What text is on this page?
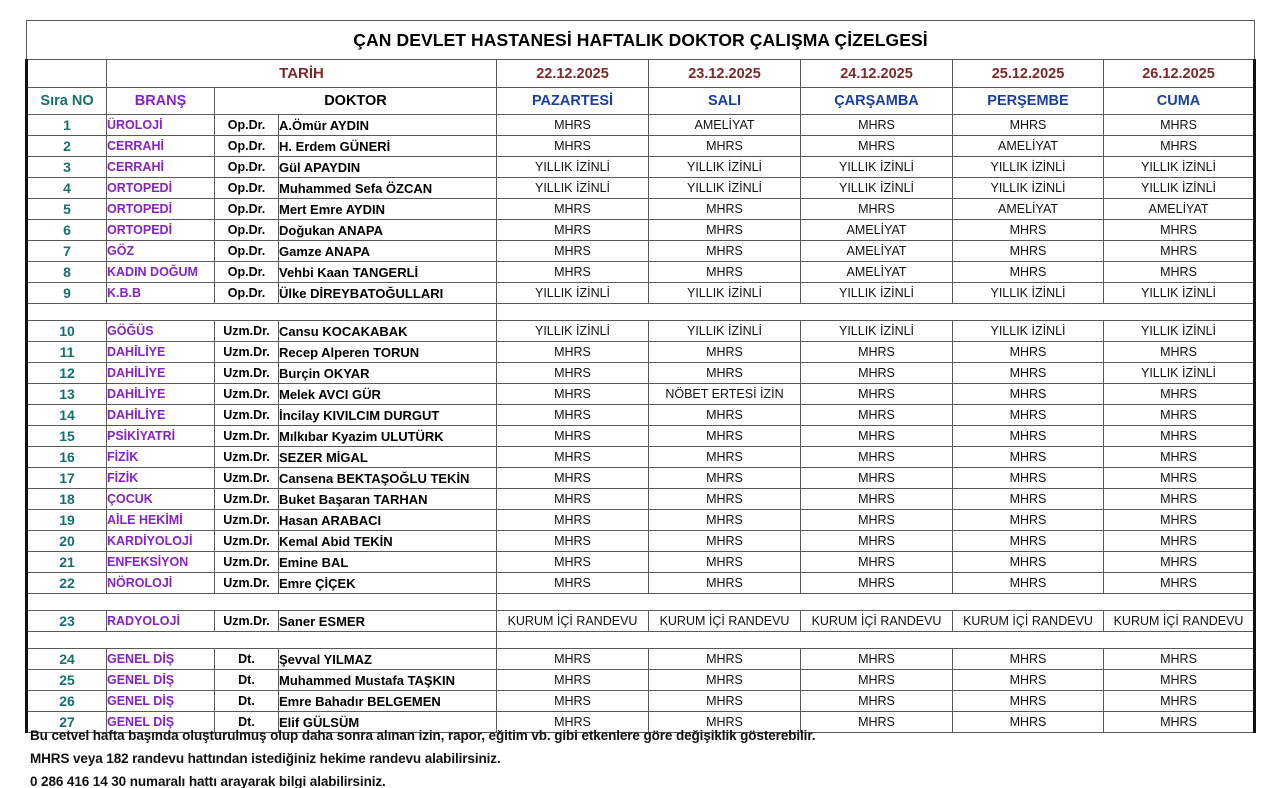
ÇAN DEVLET HASTANESİ HAFTALIK DOKTOR ÇALIŞMA ÇİZELGESİ								
	TARİH			22.12.2025	23.12.2025	24.12.2025	25.12.2025	26.12.2025
Sıra NO	BRANŞ	DOKTOR		PAZARTESİ	SALI	ÇARŞAMBA	PERŞEMBE	CUMA
1	ÜROLOJİ	Op.Dr.	A.Ömür AYDIN	MHRS	AMELİYAT	MHRS	MHRS	MHRS
2	CERRAHİ	Op.Dr.	H. Erdem GÜNERİ	MHRS	MHRS	MHRS	AMELİYAT	MHRS
3	CERRAHİ	Op.Dr.	Gül APAYDIN	YILLIK İZİNLİ	YILLIK İZİNLİ	YILLIK İZİNLİ	YILLIK İZİNLİ	YILLIK İZİNLİ
4	ORTOPEDİ	Op.Dr.	Muhammed Sefa ÖZCAN	YILLIK İZİNLİ	YILLIK İZİNLİ	YILLIK İZİNLİ	YILLIK İZİNLİ	YILLIK İZİNLİ
5	ORTOPEDİ	Op.Dr.	Mert Emre AYDIN	MHRS	MHRS	MHRS	AMELİYAT	AMELİYAT
6	ORTOPEDİ	Op.Dr.	Doğukan ANAPA	MHRS	MHRS	AMELİYAT	MHRS	MHRS
7	GÖZ	Op.Dr.	Gamze ANAPA	MHRS	MHRS	AMELİYAT	MHRS	MHRS
8	KADIN DOĞUM	Op.Dr.	Vehbi Kaan TANGERLİ	MHRS	MHRS	AMELİYAT	MHRS	MHRS
9	K.B.B	Op.Dr.	Ülke DİREYBATOĞULLARI	YILLIK İZİNLİ	YILLIK İZİNLİ	YILLIK İZİNLİ	YILLIK İZİNLİ	YILLIK İZİNLİ

10	GÖĞÜS	Uzm.Dr.	Cansu KOCAKABAK	YILLIK İZİNLİ	YILLIK İZİNLİ	YILLIK İZİNLİ	YILLIK İZİNLİ	YILLIK İZİNLİ
11	DAHİLİYE	Uzm.Dr.	Recep Alperen TORUN	MHRS	MHRS	MHRS	MHRS	MHRS
12	DAHİLİYE	Uzm.Dr.	Burçin OKYAR	MHRS	MHRS	MHRS	MHRS	YILLIK İZİNLİ
13	DAHİLİYE	Uzm.Dr.	Melek AVCI GÜR	MHRS	NÖBET ERTESİ İZİN	MHRS	MHRS	MHRS
14	DAHİLİYE	Uzm.Dr.	İncilay KIVILCIM DURGUT	MHRS	MHRS	MHRS	MHRS	MHRS
15	PSİKİYATRİ	Uzm.Dr.	Mılkıbar Kyazim ULUTÜRK	MHRS	MHRS	MHRS	MHRS	MHRS
16	FİZİK	Uzm.Dr.	SEZER MİGAL	MHRS	MHRS	MHRS	MHRS	MHRS
17	FİZİK	Uzm.Dr.	Cansena BEKTAŞOĞLU TEKİN	MHRS	MHRS	MHRS	MHRS	MHRS
18	ÇOCUK	Uzm.Dr.	Buket Başaran TARHAN	MHRS	MHRS	MHRS	MHRS	MHRS
19	AİLE HEKİMİ	Uzm.Dr.	Hasan ARABACI	MHRS	MHRS	MHRS	MHRS	MHRS
20	KARDİYOLOJİ	Uzm.Dr.	Kemal Abid TEKİN	MHRS	MHRS	MHRS	MHRS	MHRS
21	ENFEKSİYON	Uzm.Dr.	Emine BAL	MHRS	MHRS	MHRS	MHRS	MHRS
22	NÖROLOJİ	Uzm.Dr.	Emre ÇİÇEK	MHRS	MHRS	MHRS	MHRS	MHRS

23	RADYOLOJİ	Uzm.Dr.	Saner ESMER	KURUM İÇİ RANDEVU	KURUM İÇİ RANDEVU	KURUM İÇİ RANDEVU	KURUM İÇİ RANDEVU	KURUM İÇİ RANDEVU

24	GENEL DİŞ	Dt.	Şevval YILMAZ	MHRS	MHRS	MHRS	MHRS	MHRS
25	GENEL DİŞ	Dt.	Muhammed Mustafa TAŞKIN	MHRS	MHRS	MHRS	MHRS	MHRS
26	GENEL DİŞ	Dt.	Emre Bahadır BELGEMEN	MHRS	MHRS	MHRS	MHRS	MHRS
27	GENEL DİŞ	Dt.	Elif GÜLSÜM	MHRS	MHRS	MHRS	MHRS	MHRS

Bu cetvel hafta başında oluşturulmuş olup daha sonra alınan izin, rapor, eğitim vb. gibi etkenlere göre değişiklik gösterebilir.

MHRS veya 182 randevu hattından istediğiniz hekime randevu alabilirsiniz.

0 286 416 14 30 numaralı hattı arayarak bilgi alabilirsiniz.
